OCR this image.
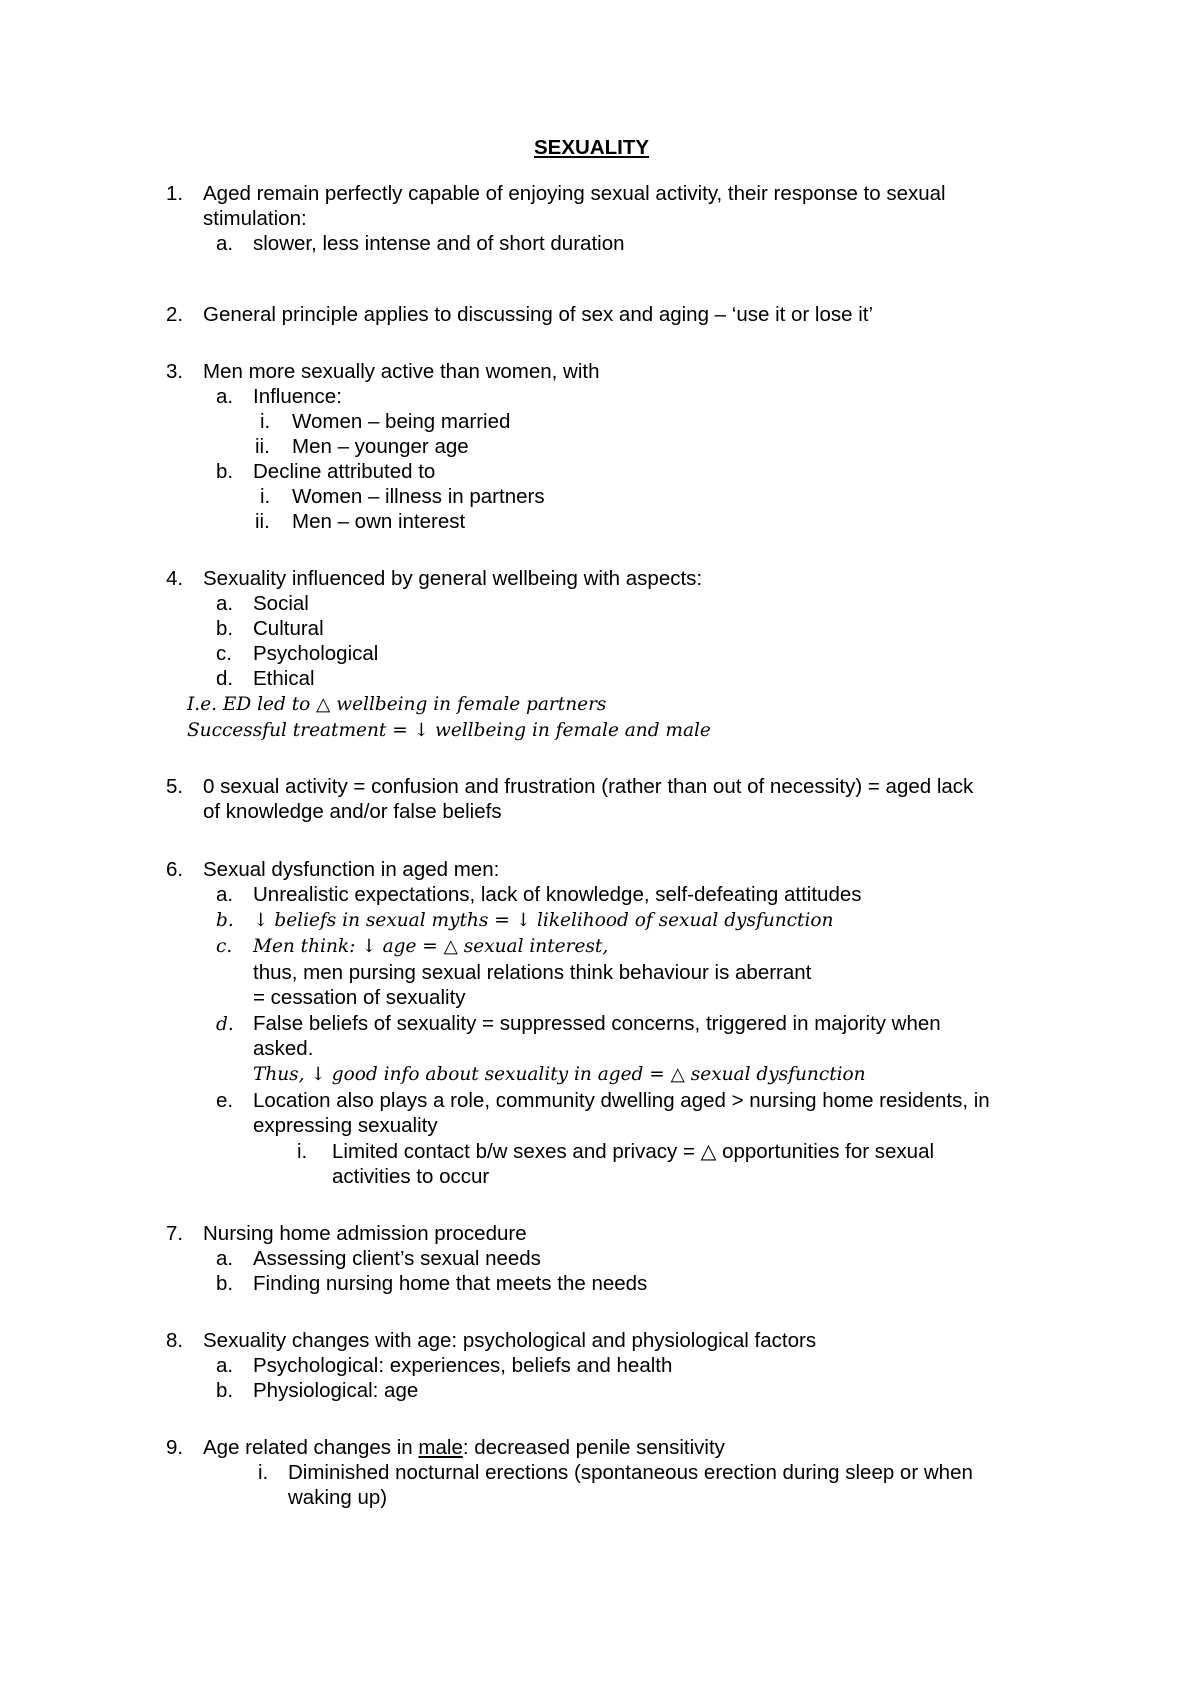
SEXUALITY
1. Aged remain perfectly capable of enjoying sexual activity, their response to sexual
stimulation:
a. slower, less intense and of short duration
2. General principle applies to discussing of sex and aging – ‘use it or lose it’
3. Men more sexually active than women, with
a. Influence:
i. Women – being married
ii. Men – younger age
b. Decline attributed to
i. Women – illness in partners
ii. Men – own interest
4. Sexuality influenced by general wellbeing with aspects:
a. Social
b. Cultural
c. Psychological
d. Ethical
I.e. ED led to △ wellbeing in female partners
Successful treatment = ↓ wellbeing in female and male
5. 0 sexual activity = confusion and frustration (rather than out of necessity) = aged lack
of knowledge and/or false beliefs
6. Sexual dysfunction in aged men:
a. Unrealistic expectations, lack of knowledge, self-defeating attitudes
b. ↓ beliefs in sexual myths = ↓ likelihood of sexual dysfunction
c. Men think: ↓ age = △ sexual interest,
thus, men pursing sexual relations think behaviour is aberrant
= cessation of sexuality
d. False beliefs of sexuality = suppressed concerns, triggered in majority when
asked.
Thus, ↓ good info about sexuality in aged = △ sexual dysfunction
e. Location also plays a role, community dwelling aged > nursing home residents, in
expressing sexuality
i. Limited contact b/w sexes and privacy = △ opportunities for sexual
activities to occur
7. Nursing home admission procedure
a. Assessing client’s sexual needs
b. Finding nursing home that meets the needs
8. Sexuality changes with age: psychological and physiological factors
a. Psychological: experiences, beliefs and health
b. Physiological: age
9. Age related changes in male: decreased penile sensitivity
i. Diminished nocturnal erections (spontaneous erection during sleep or when
waking up)
